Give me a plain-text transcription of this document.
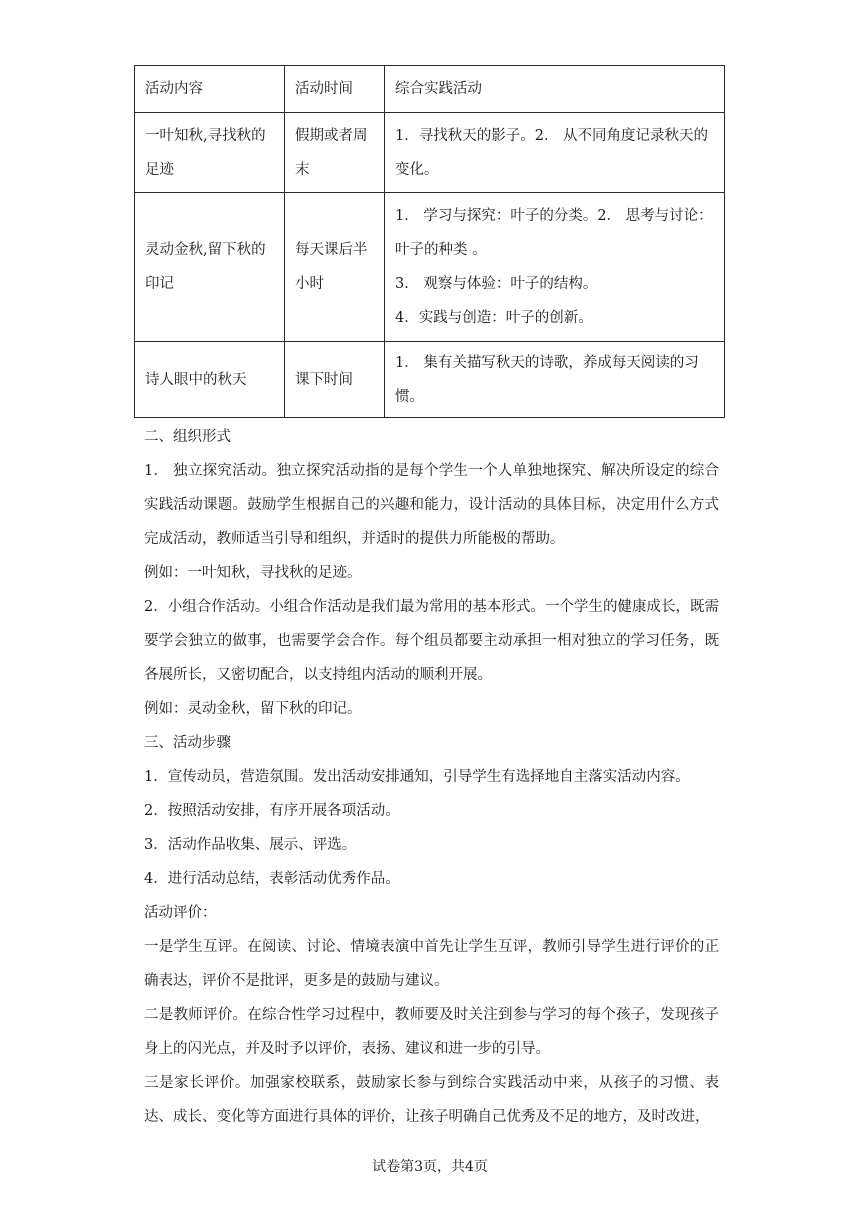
活动内容	活动时间	综合实践活动
一叶知秋,寻找秋的足迹	假期或者周末	1．寻找秋天的影子。2． 从不同角度记录秋天的变化。

灵动金秋,留下秋的印记	每天课后半小时	1． 学习与探究：叶子的分类。2． 思考与讨论：叶子的种类 。
3． 观察与体验：叶子的结构。
4．实践与创造：叶子的创新。

诗人眼中的秋天	课下时间	1． 集有关描写秋天的诗歌，养成每天阅读的习惯。

二、组织形式

1． 独立探究活动。独立探究活动指的是每个学生一个人单独地探究、解决所设定的综合实践活动课题。鼓励学生根据自己的兴趣和能力，设计活动的具体目标，决定用什么方式完成活动，教师适当引导和组织，并适时的提供力所能极的帮助。

例如：一叶知秋，寻找秋的足迹。

2．小组合作活动。小组合作活动是我们最为常用的基本形式。一个学生的健康成长，既需要学会独立的做事，也需要学会合作。每个组员都要主动承担一相对独立的学习任务，既各展所长，又密切配合，以支持组内活动的顺利开展。

例如：灵动金秋，留下秋的印记。

三、活动步骤

1．宣传动员，营造氛围。发出活动安排通知，引导学生有选择地自主落实活动内容。

2．按照活动安排，有序开展各项活动。

3．活动作品收集、展示、评选。

4．进行活动总结，表彰活动优秀作品。

活动评价：

一是学生互评。在阅读、讨论、情境表演中首先让学生互评，教师引导学生进行评价的正确表达，评价不是批评，更多是的鼓励与建议。

二是教师评价。在综合性学习过程中，教师要及时关注到参与学习的每个孩子，发现孩子身上的闪光点，并及时予以评价，表扬、建议和进一步的引导。

三是家长评价。加强家校联系，鼓励家长参与到综合实践活动中来，从孩子的习惯、表达、成长、变化等方面进行具体的评价，让孩子明确自己优秀及不足的地方，及时改进，

试卷第3页，共4页
